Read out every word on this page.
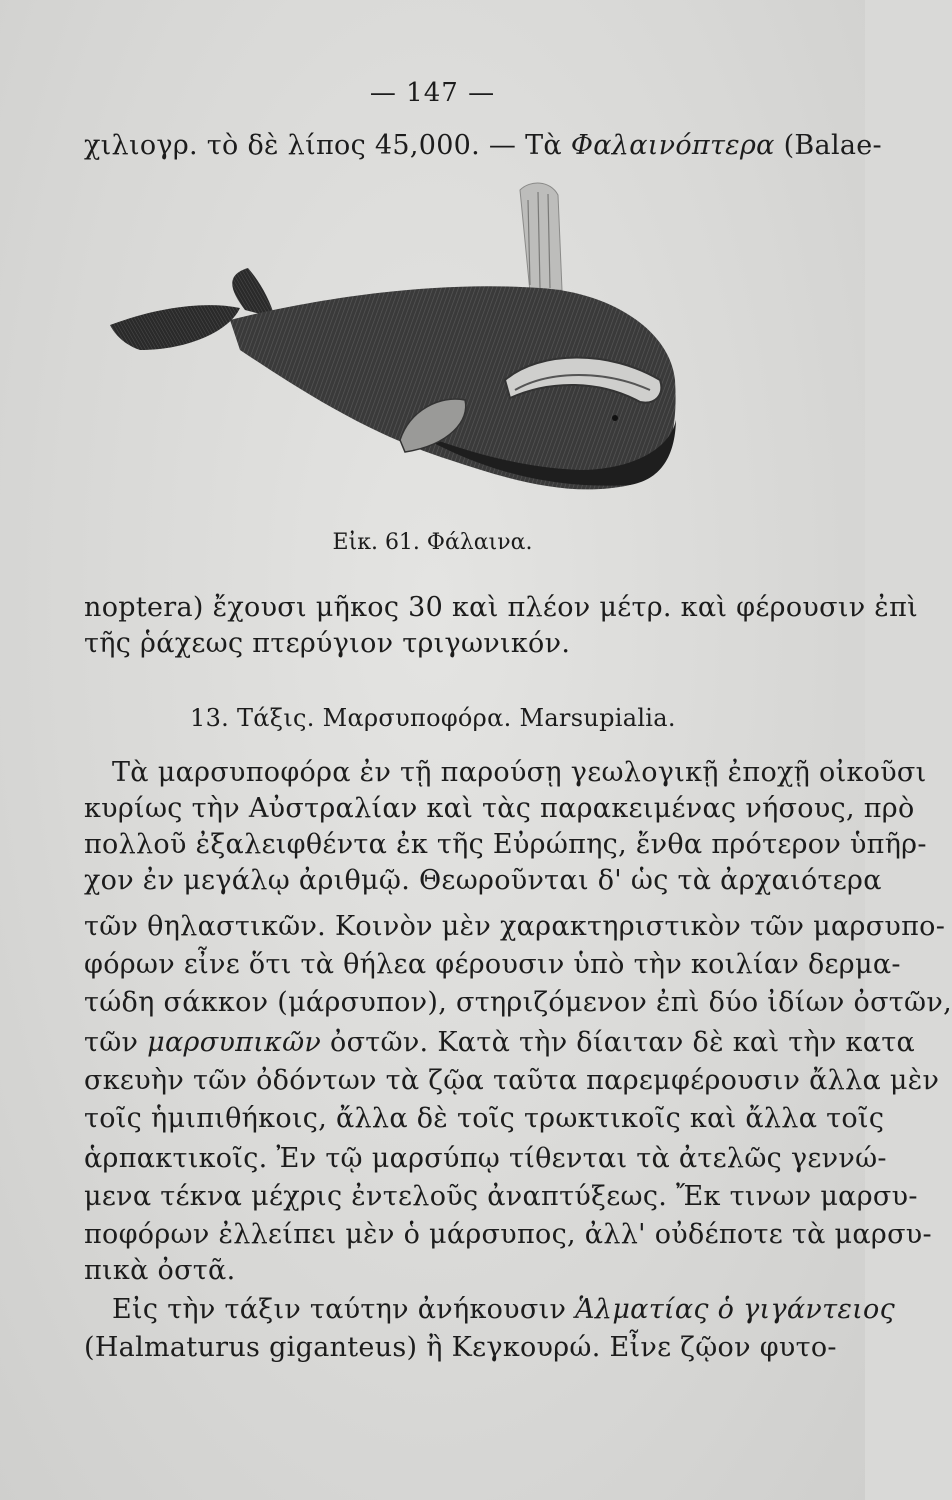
— 147 —
χιλιογρ. τὸ δὲ λίπος 45,000. — Τὰ Φαλαινόπτερα (Balae-
Εἰκ. 61. Φάλαινα.
noptera) ἔχουσι μῆκος 30 καὶ πλέον μέτρ. καὶ φέρουσιν ἐπὶ
τῆς ῥάχεως πτερύγιον τριγωνικόν.
13. Τάξις. Μαρσυποφόρα. Marsupialia.
Τὰ μαρσυποφόρα ἐν τῇ παρούσῃ γεωλογικῇ ἐποχῇ οἰκοῦσι
κυρίως τὴν Αὐστραλίαν καὶ τὰς παρακειμένας νήσους, πρὸ
πολλοῦ ἐξαλειφθέντα ἐκ τῆς Εὐρώπης, ἔνθα πρότερον ὑπῆρ-
χον ἐν μεγάλῳ ἀριθμῷ. Θεωροῦνται δ' ὡς τὰ ἀρχαιότερα
τῶν θηλαστικῶν. Κοινὸν μὲν χαρακτηριστικὸν τῶν μαρσυπο-
φόρων εἶνε ὅτι τὰ θήλεα φέρουσιν ὑπὸ τὴν κοιλίαν δερμα-
τώδη σάκκον (μάρσυπον), στηριζόμενον ἐπὶ δύο ἰδίων ὀστῶν,
τῶν μαρσυπικῶν ὀστῶν. Κατὰ τὴν δίαιταν δὲ καὶ τὴν κατα
σκευὴν τῶν ὀδόντων τὰ ζῷα ταῦτα παρεμφέρουσιν ἄλλα μὲν
τοῖς ἡμιπιθήκοις, ἄλλα δὲ τοῖς τρωκτικοῖς καὶ ἄλλα τοῖς
ἁρπακτικοῖς. Ἐν τῷ μαρσύπῳ τίθενται τὰ ἀτελῶς γεννώ-
μενα τέκνα μέχρις ἐντελοῦς ἀναπτύξεως. Ἔκ τινων μαρσυ-
ποφόρων ἐλλείπει μὲν ὁ μάρσυπος, ἀλλ' οὐδέποτε τὰ μαρσυ-
πικὰ ὀστᾶ.
Εἰς τὴν τάξιν ταύτην ἀνήκουσιν Ἁλματίας ὁ γιγάντειος
(Halmaturus giganteus) ἢ Κεγκουρώ. Εἶνε ζῷον φυτο-
